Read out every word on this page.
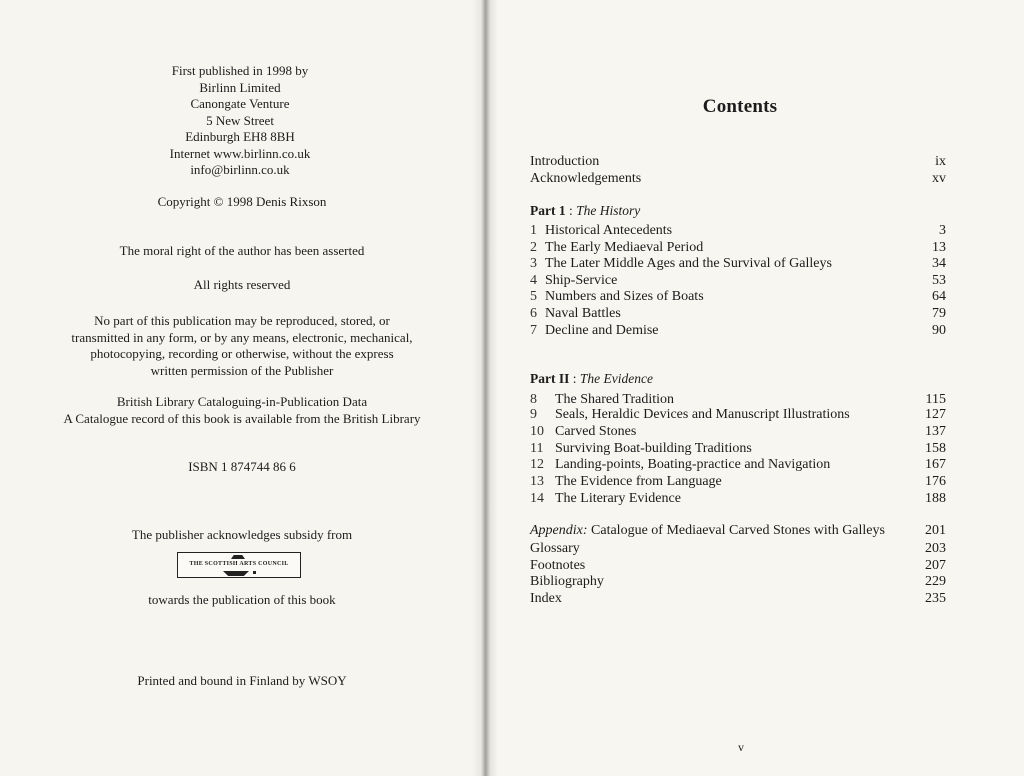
First published in 1998 by
Birlinn Limited
Canongate Venture
5 New Street
Edinburgh EH8 8BH
Internet www.birlinn.co.uk
info@birlinn.co.uk
Copyright © 1998 Denis Rixson
The moral right of the author has been asserted
All rights reserved
No part of this publication may be reproduced, stored, or
transmitted in any form, or by any means, electronic, mechanical,
photocopying, recording or otherwise, without the express
written permission of the Publisher
British Library Cataloguing-in-Publication Data
A Catalogue record of this book is available from the British Library
ISBN 1 874744 86 6
The publisher acknowledges subsidy from
THE SCOTTISH ARTS COUNCIL
towards the publication of this book
Printed and bound in Finland by WSOY
Contents
Introduction	ix
Acknowledgements	xv
Part 1 : The History
1 Historical Antecedents	3
2 The Early Mediaeval Period	13
3 The Later Middle Ages and the Survival of Galleys	34
4 Ship-Service	53
5 Numbers and Sizes of Boats	64
6 Naval Battles	79
7 Decline and Demise	90
Part II : The Evidence
8	The Shared Tradition	115
9	Seals, Heraldic Devices and Manuscript Illustrations	127
10 Carved Stones	137
11 Surviving Boat-building Traditions	158
12 Landing-points, Boating-practice and Navigation	167
13 The Evidence from Language	176
14 The Literary Evidence	188
Appendix: Catalogue of Mediaeval Carved Stones with Galleys	201
Glossary	203
Footnotes	207
Bibliography	229
Index	235
v
